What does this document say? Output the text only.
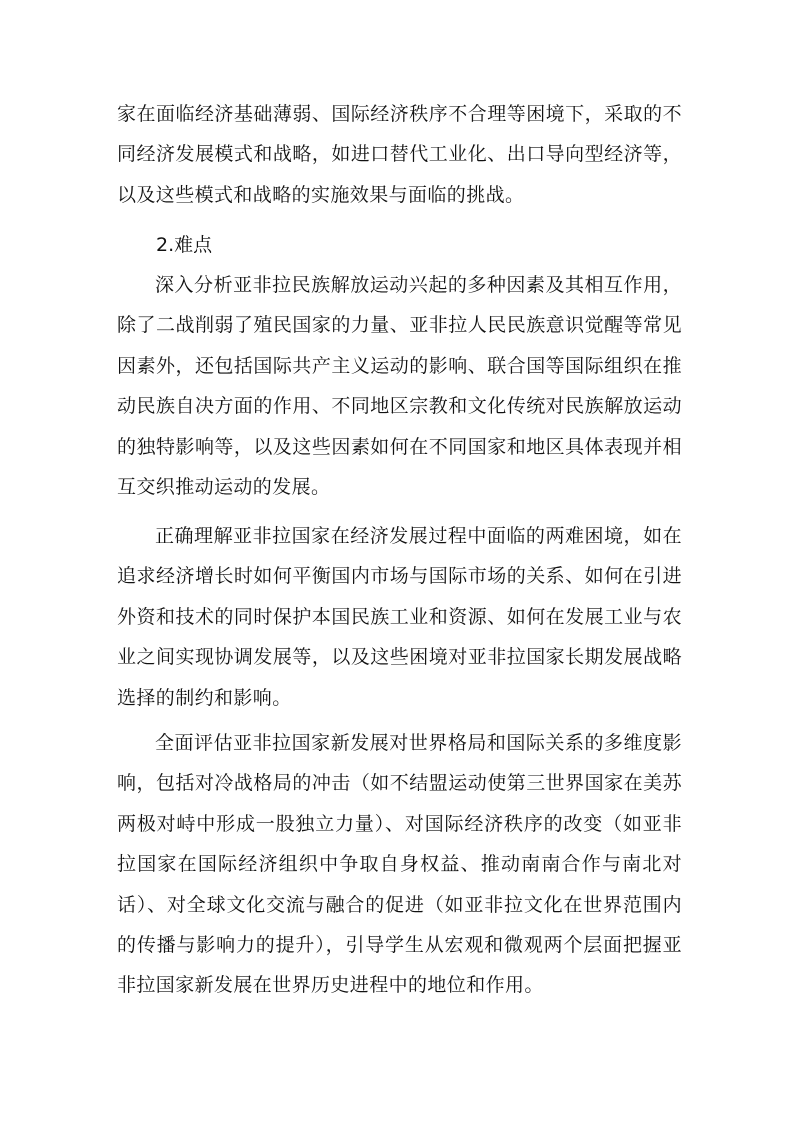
家在面临经济基础薄弱、国际经济秩序不合理等困境下，采取的不同经济发展模式和战略，如进口替代工业化、出口导向型经济等，以及这些模式和战略的实施效果与面临的挑战。

2.难点

深入分析亚非拉民族解放运动兴起的多种因素及其相互作用，除了二战削弱了殖民国家的力量、亚非拉人民民族意识觉醒等常见因素外，还包括国际共产主义运动的影响、联合国等国际组织在推动民族自决方面的作用、不同地区宗教和文化传统对民族解放运动的独特影响等，以及这些因素如何在不同国家和地区具体表现并相互交织推动运动的发展。

正确理解亚非拉国家在经济发展过程中面临的两难困境，如在追求经济增长时如何平衡国内市场与国际市场的关系、如何在引进外资和技术的同时保护本国民族工业和资源、如何在发展工业与农业之间实现协调发展等，以及这些困境对亚非拉国家长期发展战略选择的制约和影响。

全面评估亚非拉国家新发展对世界格局和国际关系的多维度影响，包括对冷战格局的冲击（如不结盟运动使第三世界国家在美苏两极对峙中形成一股独立力量）、对国际经济秩序的改变（如亚非拉国家在国际经济组织中争取自身权益、推动南南合作与南北对话）、对全球文化交流与融合的促进（如亚非拉文化在世界范围内的传播与影响力的提升），引导学生从宏观和微观两个层面把握亚非拉国家新发展在世界历史进程中的地位和作用。
